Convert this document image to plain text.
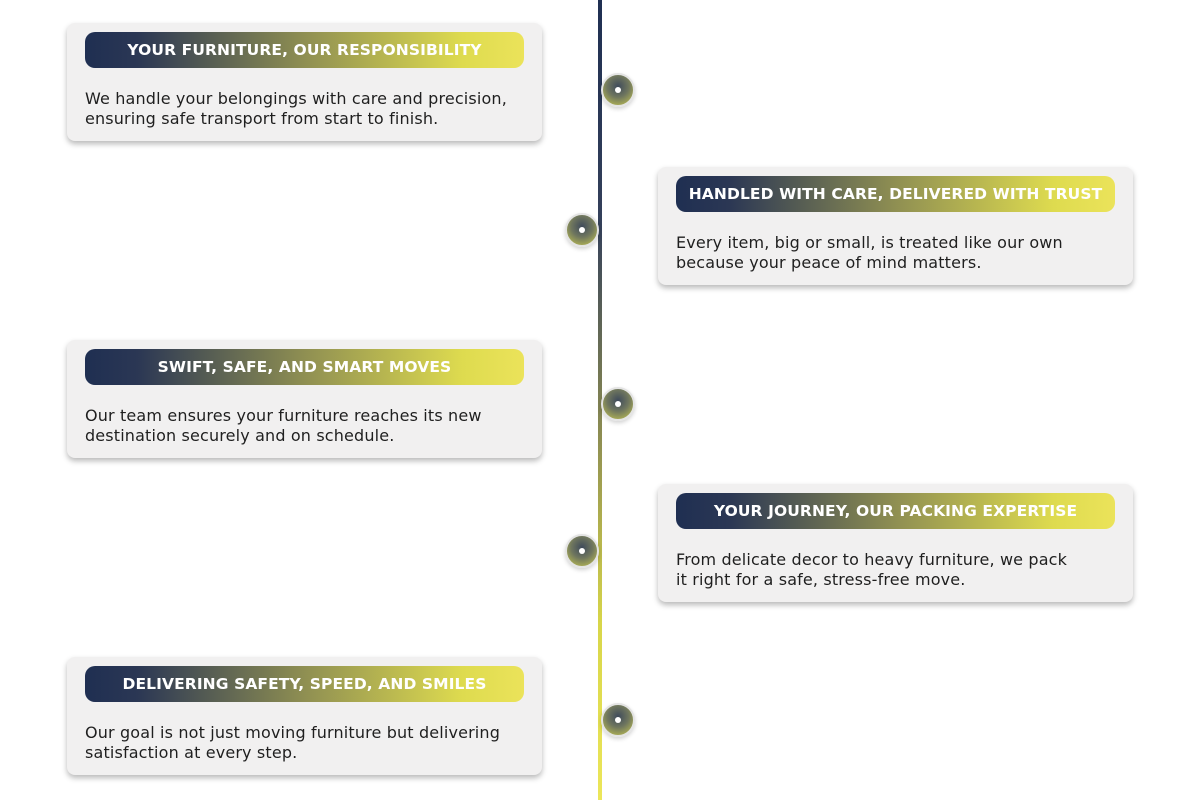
YOUR FURNITURE, OUR RESPONSIBILITY

We handle your belongings with care and precision,
ensuring safe transport from start to finish.

HANDLED WITH CARE, DELIVERED WITH TRUST

Every item, big or small, is treated like our own
because your peace of mind matters.

SWIFT, SAFE, AND SMART MOVES

Our team ensures your furniture reaches its new
destination securely and on schedule.

YOUR JOURNEY, OUR PACKING EXPERTISE

From delicate decor to heavy furniture, we pack
it right for a safe, stress-free move.

DELIVERING SAFETY, SPEED, AND SMILES

Our goal is not just moving furniture but delivering
satisfaction at every step.
